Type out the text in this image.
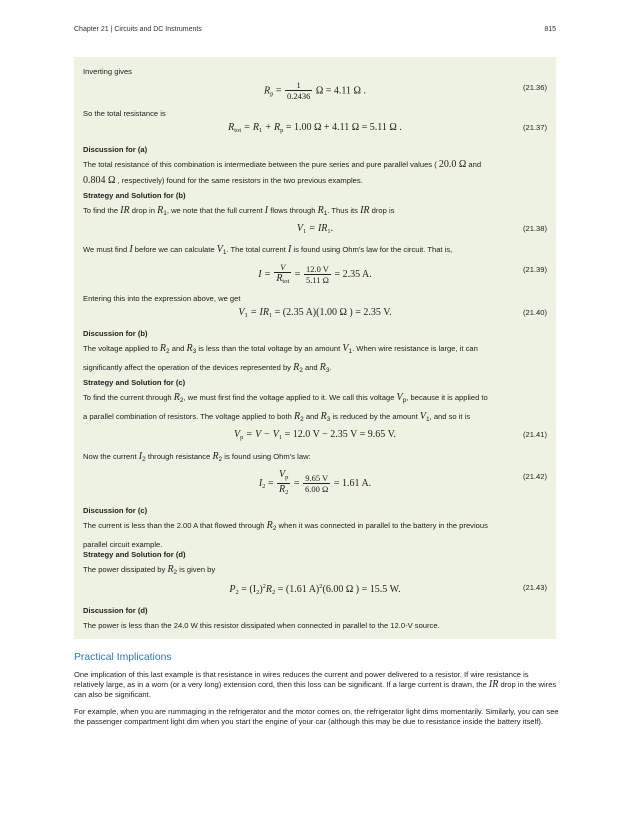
Chapter 21 | Circuits and DC Instruments	815
Inverting gives
$R_p = \frac{1}{0.2436}$ Ω = 4.11 Ω .	(21.36)
So the total resistance is
$R_{tot} = R_1 + R_p = 1.00$ Ω + 4.11 Ω = 5.11 Ω .	(21.37)
Discussion for (a)
The total resistance of this combination is intermediate between the pure series and pure parallel values ( 20.0 Ω and
0.804 Ω , respectively) found for the same resistors in the two previous examples.
Strategy and Solution for (b)
To find the IR drop in R1, we note that the full current I flows through R1. Thus its IR drop is
$V_1 = IR_1$.	(21.38)
We must find I before we can calculate V1. The total current I is found using Ohm’s law for the circuit. That is,
$I = \frac{V}{R_{tot}} = \frac{12.0 V}{5.11 \Omega} = 2.35$ A.	(21.39)
Entering this into the expression above, we get
$V_1 = IR_1 = (2.35$ A)(1.00 Ω ) = 2.35 V.	(21.40)
Discussion for (b)
The voltage applied to R2 and R3 is less than the total voltage by an amount V1. When wire resistance is large, it can
significantly affect the operation of the devices represented by R2 and R3.
Strategy and Solution for (c)
To find the current through R2, we must first find the voltage applied to it. We call this voltage Vp, because it is applied to
a parallel combination of resistors. The voltage applied to both R2 and R3 is reduced by the amount V1, and so it is
$V_p = V - V_1 = 12.0$ V − 2.35 V = 9.65 V.	(21.41)
Now the current I2 through resistance R2 is found using Ohm’s law:
$I_2 = \frac{V_p}{R_2} = \frac{9.65 V}{6.00 \Omega} = 1.61$ A.
(21.42)
Discussion for (c)
The current is less than the 2.00 A that flowed through R2 when it was connected in parallel to the battery in the previous
parallel circuit example.
Strategy and Solution for (d)
The power dissipated by R2 is given by
$P_2 = (I_2)^2R_2 = (1.61$ A)$^2$(6.00 Ω ) = 15.5 W.	(21.43)
Discussion for (d)
The power is less than the 24.0 W this resistor dissipated when connected in parallel to the 12.0-V source.
Practical Implications
One implication of this last example is that resistance in wires reduces the current and power delivered to a resistor. If wire resistance is relatively large, as in a worn (or a very long) extension cord, then this loss can be significant. If a large current is drawn, the IR drop in the wires can also be significant.
For example, when you are rummaging in the refrigerator and the motor comes on, the refrigerator light dims momentarily. Similarly, you can see the passenger compartment light dim when you start the engine of your car (although this may be due to resistance inside the battery itself).
